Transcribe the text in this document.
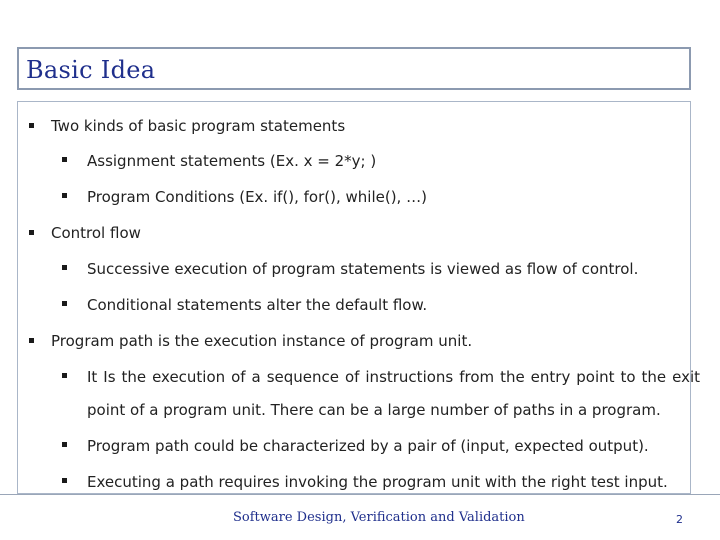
Basic Idea
Two kinds of basic program statements
Assignment statements (Ex. x = 2*y; )
Program Conditions (Ex. if(), for(), while(), …)
Control flow
Successive execution of program statements is viewed as flow of control.
Conditional statements alter the default flow.
Program path is the execution instance of program unit.
It Is the execution of a sequence of instructions from the entry point to the exit
point of a program unit. There can be a large number of paths in a program.
Program path could be characterized by a pair of (input, expected output).
Executing a path requires invoking the program unit with the right test input.
Software Design, Verification and Validation	2
